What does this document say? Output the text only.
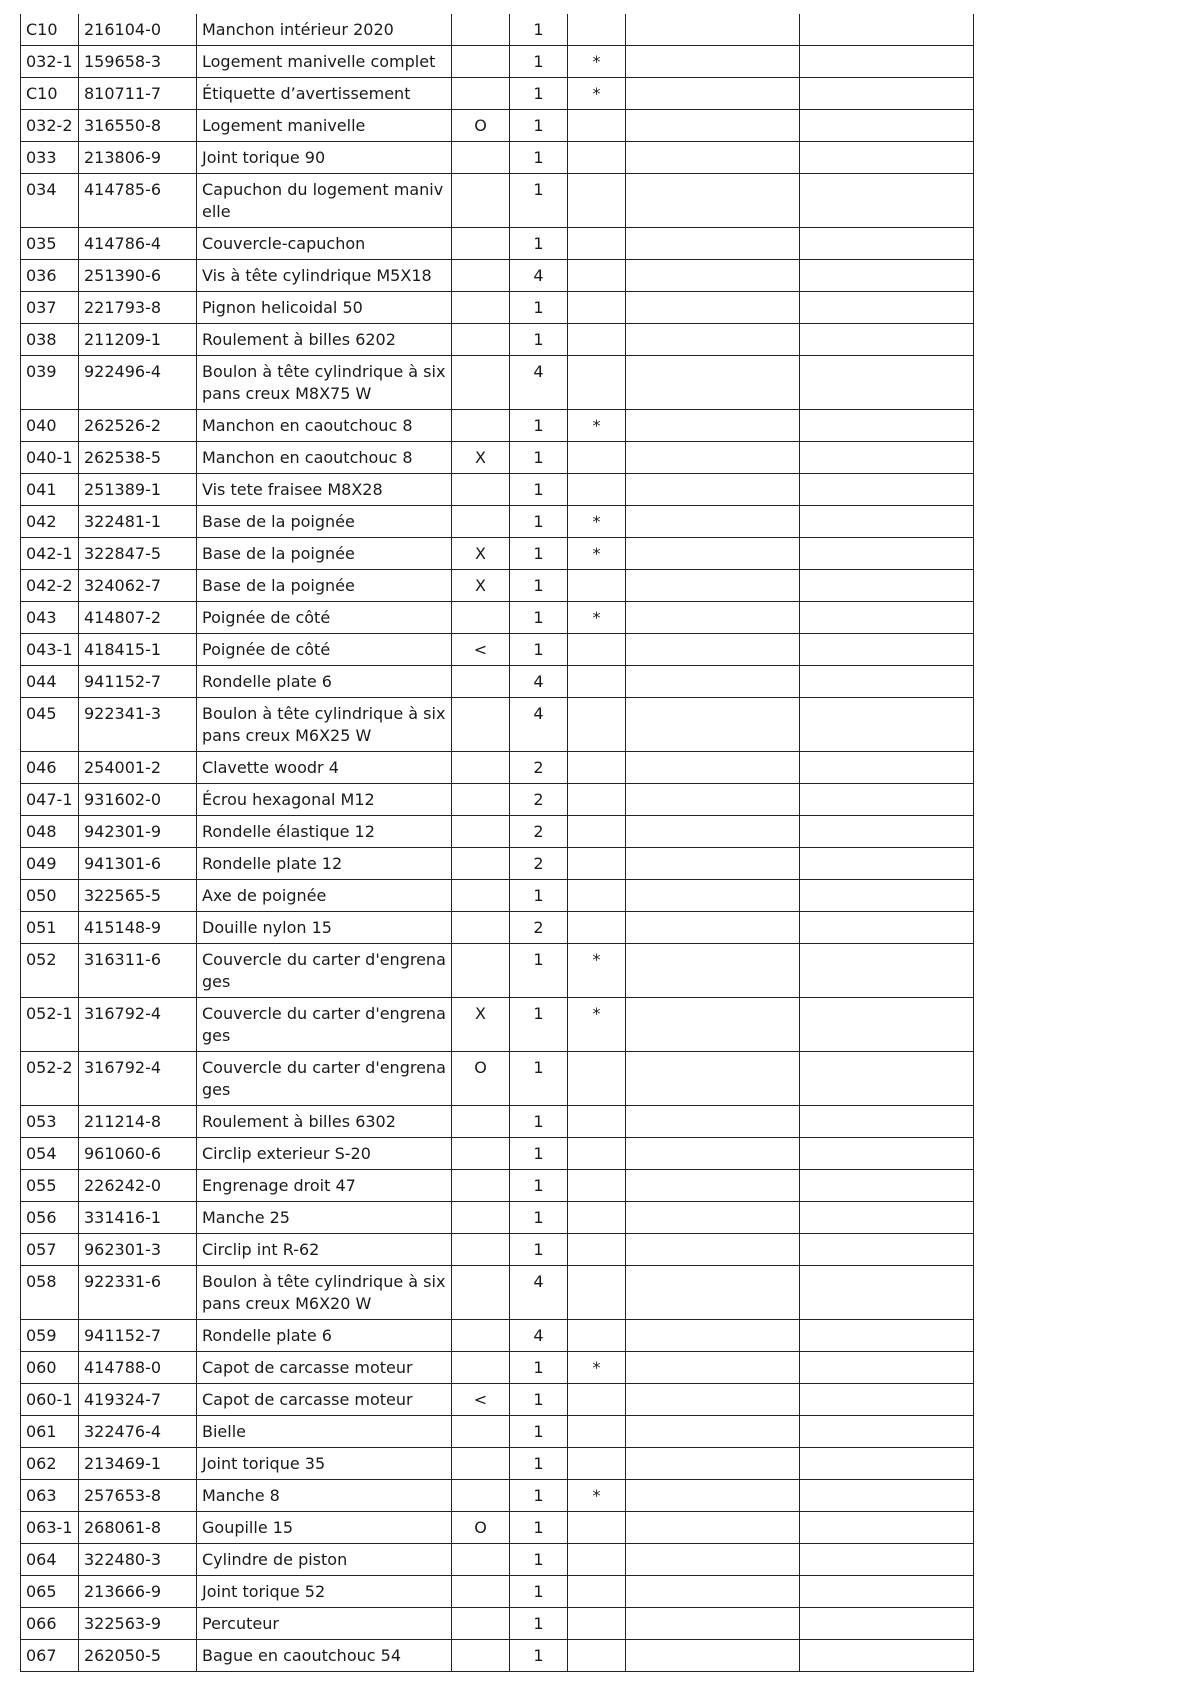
C10	216104-0	Manchon intérieur 2020		1			
032-1	159658-3	Logement manivelle complet		1	*		
C10	810711-7	Étiquette d’avertissement		1	*		
032-2	316550-8	Logement manivelle	O	1			
033	213806-9	Joint torique 90		1			
034	414785-6	Capuchon du logement manivelle		1			
035	414786-4	Couvercle-capuchon		1			
036	251390-6	Vis à tête cylindrique M5X18		4			
037	221793-8	Pignon helicoidal 50		1			
038	211209-1	Roulement à billes 6202		1			
039	922496-4	Boulon à tête cylindrique à six pans creux M8X75 W		4			
040	262526-2	Manchon en caoutchouc 8		1	*		
040-1	262538-5	Manchon en caoutchouc 8	X	1			
041	251389-1	Vis tete fraisee M8X28		1			
042	322481-1	Base de la poignée		1	*		
042-1	322847-5	Base de la poignée	X	1	*		
042-2	324062-7	Base de la poignée	X	1			
043	414807-2	Poignée de côté		1	*		
043-1	418415-1	Poignée de côté	<	1			
044	941152-7	Rondelle plate 6		4			
045	922341-3	Boulon à tête cylindrique à six pans creux M6X25 W		4			
046	254001-2	Clavette woodr 4		2			
047-1	931602-0	Écrou hexagonal M12		2			
048	942301-9	Rondelle élastique 12		2			
049	941301-6	Rondelle plate 12		2			
050	322565-5	Axe de poignée		1			
051	415148-9	Douille nylon 15		2			
052	316311-6	Couvercle du carter d'engrenages		1	*		
052-1	316792-4	Couvercle du carter d'engrenages	X	1	*		
052-2	316792-4	Couvercle du carter d'engrenages	O	1			
053	211214-8	Roulement à billes 6302		1			
054	961060-6	Circlip exterieur S-20		1			
055	226242-0	Engrenage droit 47		1			
056	331416-1	Manche 25		1			
057	962301-3	Circlip int R-62		1			
058	922331-6	Boulon à tête cylindrique à six pans creux M6X20 W		4			
059	941152-7	Rondelle plate 6		4			
060	414788-0	Capot de carcasse moteur		1	*		
060-1	419324-7	Capot de carcasse moteur	<	1			
061	322476-4	Bielle		1			
062	213469-1	Joint torique 35		1			
063	257653-8	Manche 8		1	*		
063-1	268061-8	Goupille 15	O	1			
064	322480-3	Cylindre de piston		1			
065	213666-9	Joint torique 52		1			
066	322563-9	Percuteur		1			
067	262050-5	Bague en caoutchouc 54		1			
